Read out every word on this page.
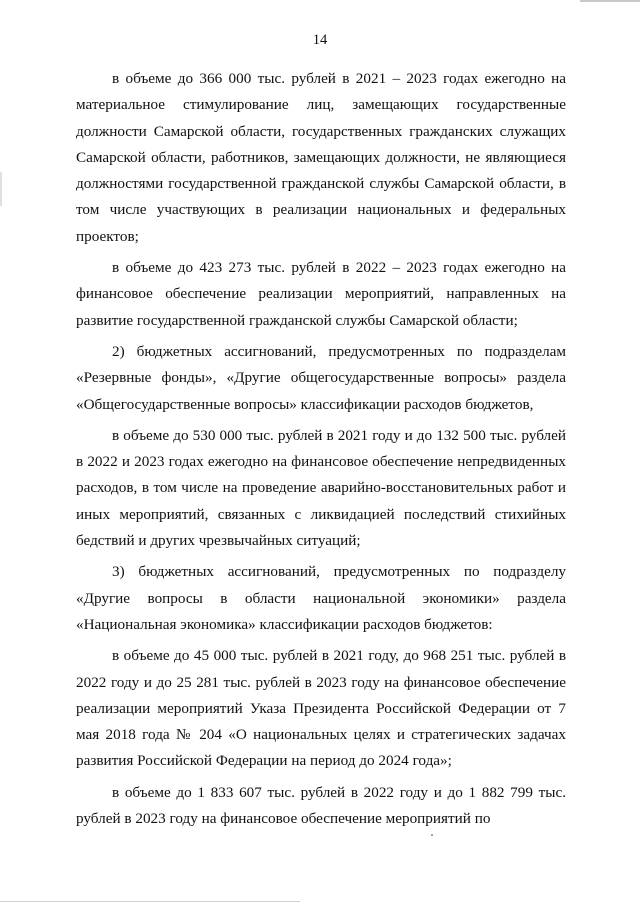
14

в объеме до 366 000 тыс. рублей в 2021 – 2023 годах ежегодно на материальное стимулирование лиц, замещающих государственные должности Самарской области, государственных гражданских служащих Самарской области, работников, замещающих должности, не являющиеся должностями государственной гражданской службы Самарской области, в том числе участвующих в реализации национальных и федеральных проектов;

в объеме до 423 273 тыс. рублей в 2022 – 2023 годах ежегодно на финансовое обеспечение реализации мероприятий, направленных на развитие государственной гражданской службы Самарской области;

2) бюджетных ассигнований, предусмотренных по подразделам «Резервные фонды», «Другие общегосударственные вопросы» раздела «Общегосударственные вопросы» классификации расходов бюджетов,

в объеме до 530 000 тыс. рублей в 2021 году и до 132 500 тыс. рублей в 2022 и 2023 годах ежегодно на финансовое обеспечение непредвиденных расходов, в том числе на проведение аварийно-восстановительных работ и иных мероприятий, связанных с ликвидацией последствий стихийных бедствий и других чрезвычайных ситуаций;

3) бюджетных ассигнований, предусмотренных по подразделу «Другие вопросы в области национальной экономики» раздела «Национальная экономика» классификации расходов бюджетов:

в объеме до 45 000 тыс. рублей в 2021 году, до 968 251 тыс. рублей в 2022 году и до 25 281 тыс. рублей в 2023 году на финансовое обеспечение реализации мероприятий Указа Президента Российской Федерации от 7 мая 2018 года № 204 «О национальных целях и стратегических задачах развития Российской Федерации на период до 2024 года»;

в объеме до 1 833 607 тыс. рублей в 2022 году и до 1 882 799 тыс. рублей в 2023 году на финансовое обеспечение мероприятий по
